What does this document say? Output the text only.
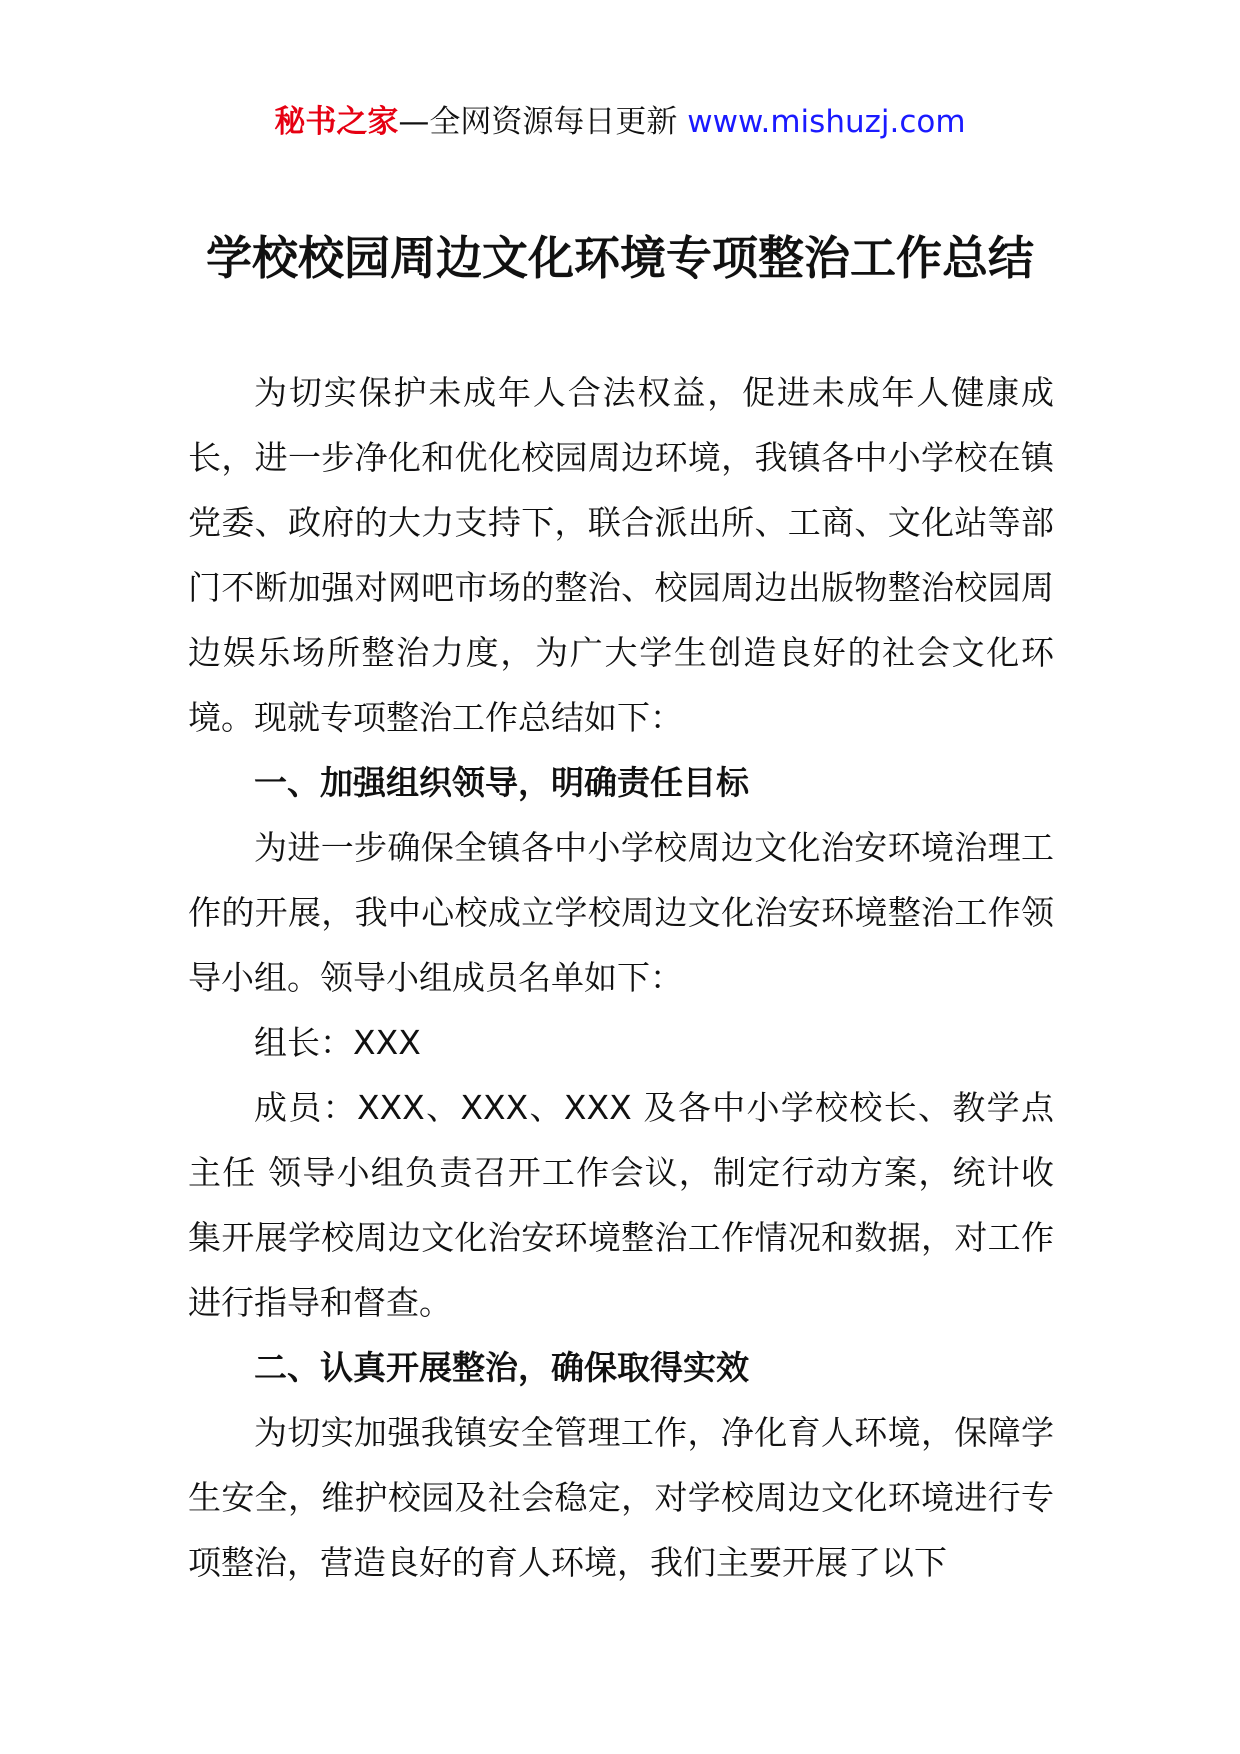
秘书之家—全网资源每日更新 www.mishuzj.com
学校校园周边文化环境专项整治工作总结

为切实保护未成年人合法权益，促进未成年人健康成长，进一步净化和优化校园周边环境，我镇各中小学校在镇党委、政府的大力支持下，联合派出所、工商、文化站等部门不断加强对网吧市场的整治、校园周边出版物整治校园周边娱乐场所整治力度，为广大学生创造良好的社会文化环境。现就专项整治工作总结如下：

一、加强组织领导，明确责任目标

为进一步确保全镇各中小学校周边文化治安环境治理工作的开展，我中心校成立学校周边文化治安环境整治工作领导小组。领导小组成员名单如下：

组长：XXX

成员：XXX、XXX、XXX 及各中小学校校长、教学点主任 领导小组负责召开工作会议，制定行动方案，统计收集开展学校周边文化治安环境整治工作情况和数据，对工作进行指导和督查。

二、认真开展整治，确保取得实效

为切实加强我镇安全管理工作，净化育人环境，保障学生安全，维护校园及社会稳定，对学校周边文化环境进行专项整治，营造良好的育人环境，我们主要开展了以下
